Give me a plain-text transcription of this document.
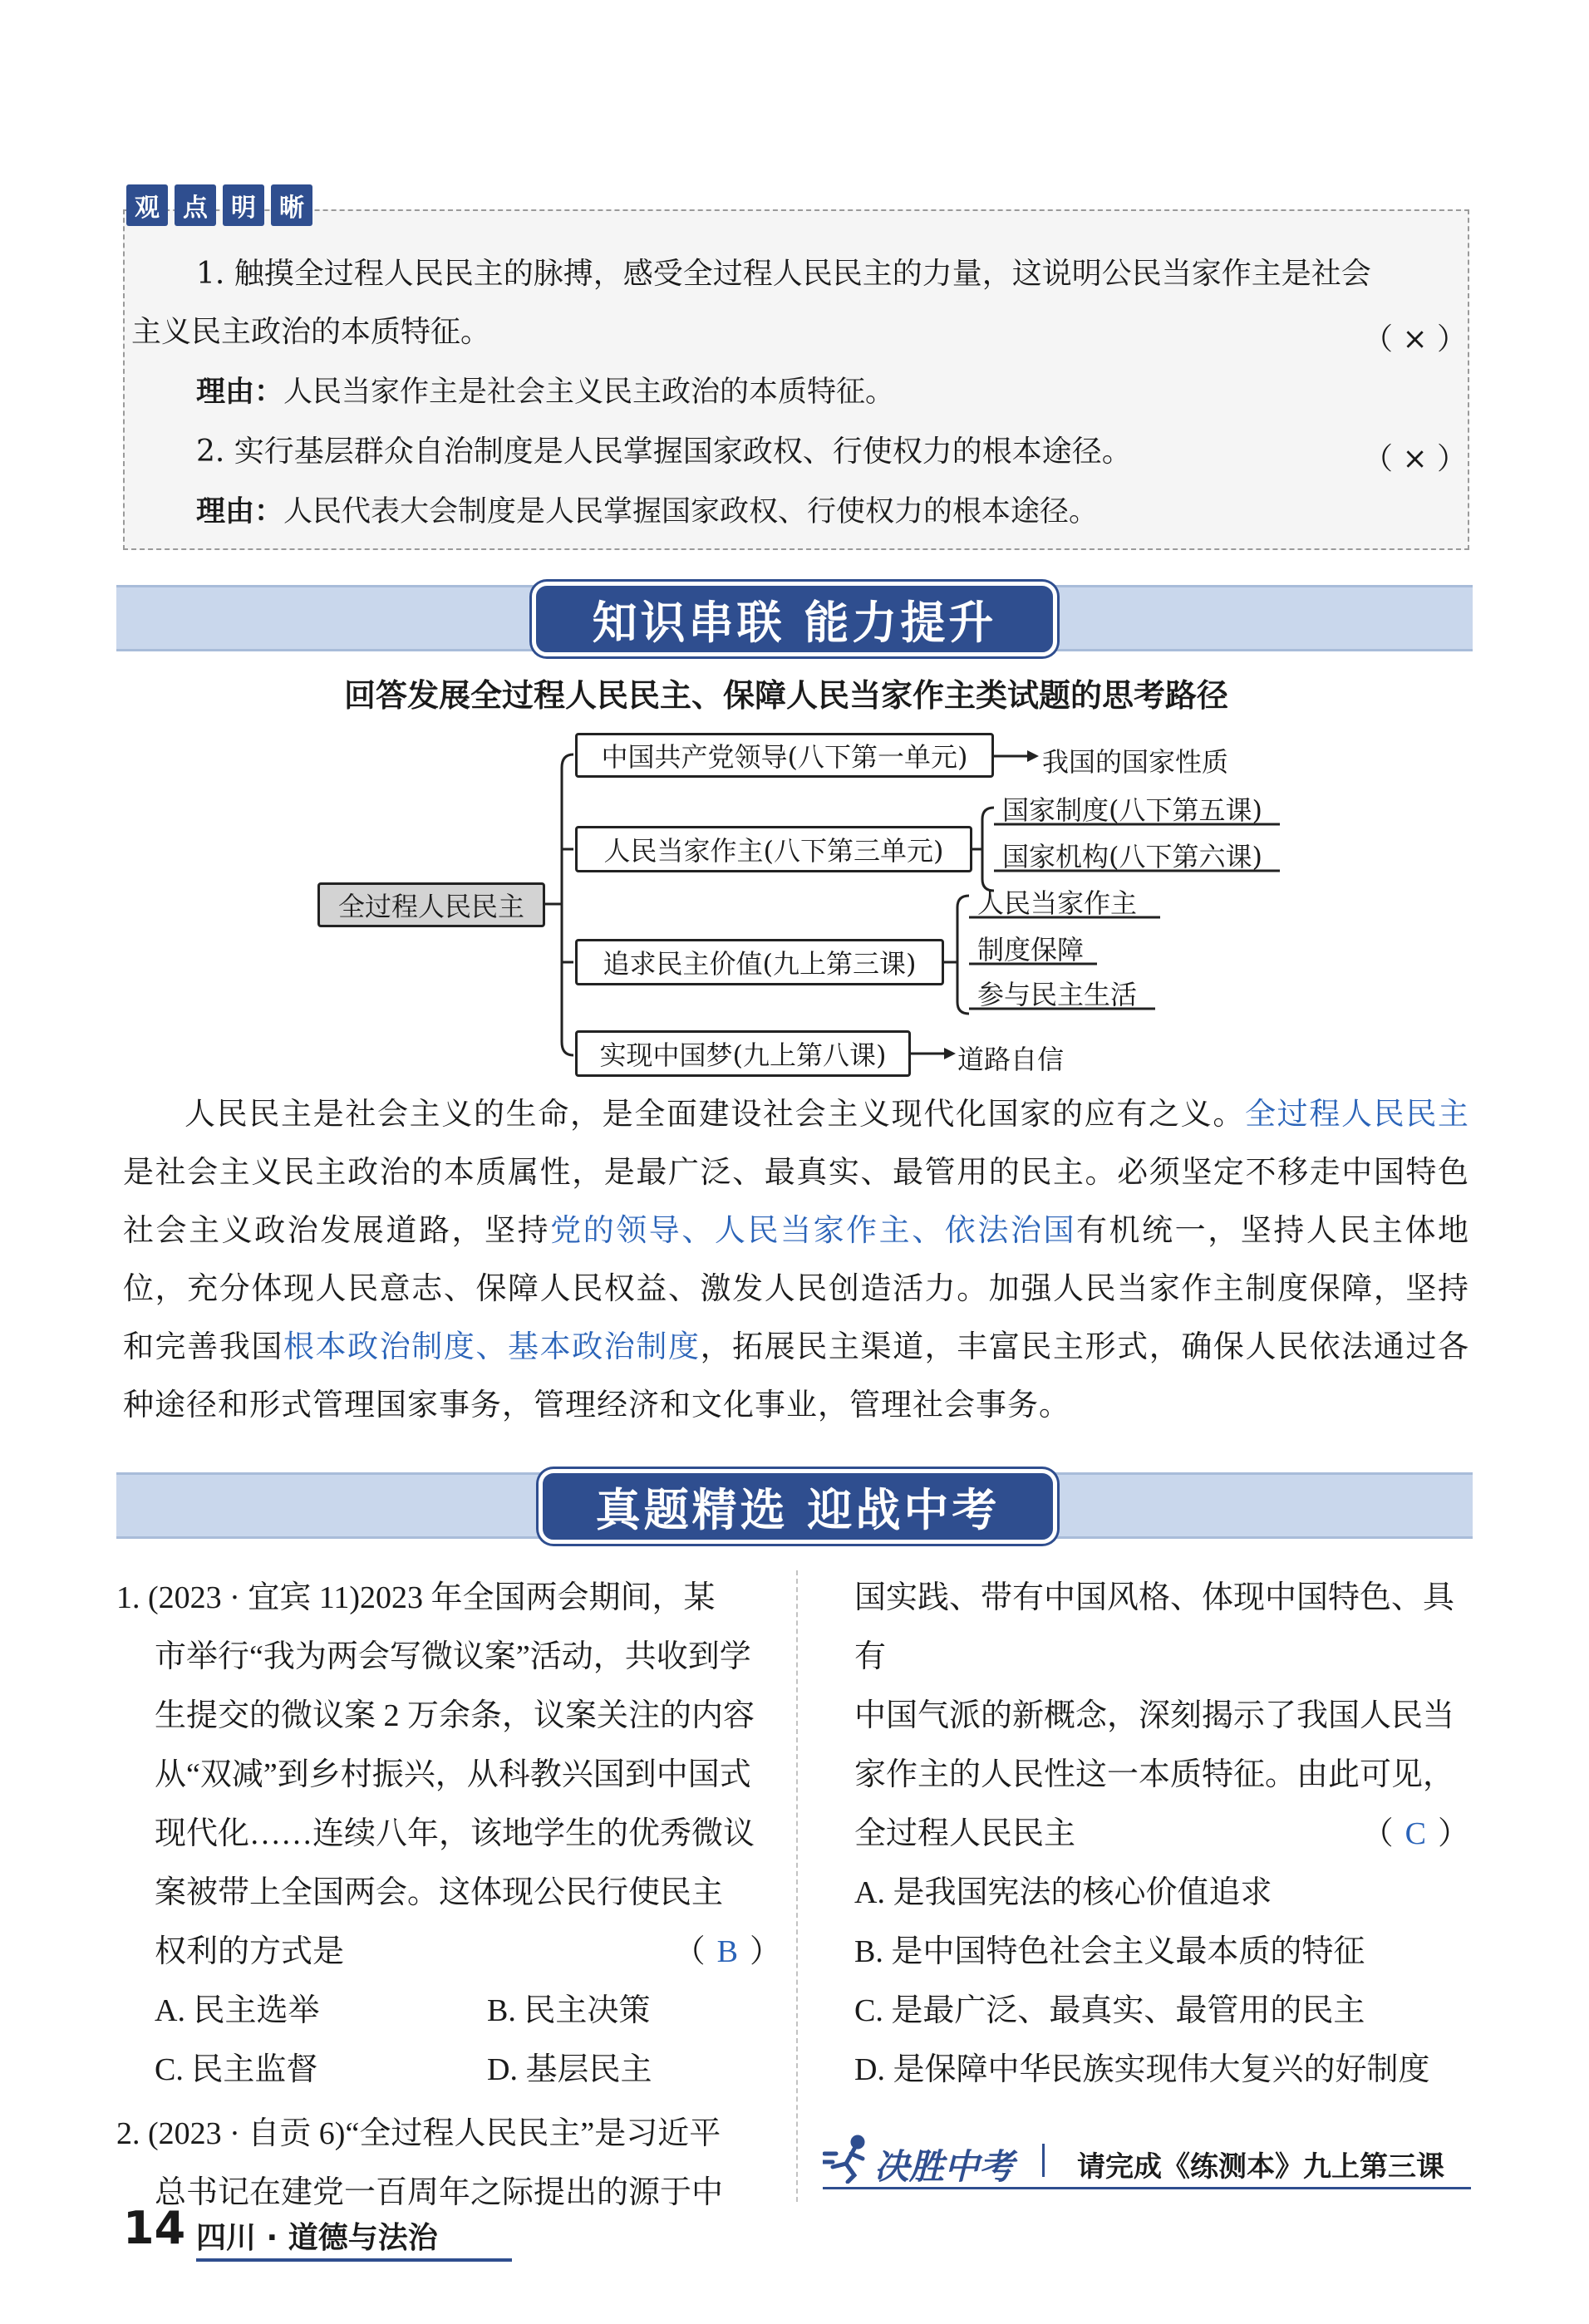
观 点 明 晰
1. 触摸全过程人民民主的脉搏，感受全过程人民民主的力量，这说明公民当家作主是社会
主义民主政治的本质特征。	（ × ）
理由：人民当家作主是社会主义民主政治的本质特征。
2. 实行基层群众自治制度是人民掌握国家政权、行使权力的根本途径。	（ × ）
理由：人民代表大会制度是人民掌握国家政权、行使权力的根本途径。
知识串联 能力提升
回答发展全过程人民民主、保障人民当家作主类试题的思考路径
全过程人民民主
中国共产党领导(八下第一单元)
人民当家作主(八下第三单元)
追求民主价值(九上第三课)
实现中国梦(九上第八课)
我国的国家性质
国家制度(八下第五课)
国家机构(八下第六课)
人民当家作主
制度保障
参与民主生活
道路自信
人民民主是社会主义的生命，是全面建设社会主义现代化国家的应有之义。全过程人民民主是社会主义民主政治的本质属性，是最广泛、最真实、最管用的民主。必须坚定不移走中国特色社会主义政治发展道路，坚持党的领导、人民当家作主、依法治国有机统一，坚持人民主体地位，充分体现人民意志、保障人民权益、激发人民创造活力。加强人民当家作主制度保障，坚持和完善我国根本政治制度、基本政治制度，拓展民主渠道，丰富民主形式，确保人民依法通过各种途径和形式管理国家事务，管理经济和文化事业，管理社会事务。
真题精选 迎战中考
1. (2023 · 宜宾 11)2023 年全国两会期间，某
市举行“我为两会写微议案”活动，共收到学
生提交的微议案 2 万余条，议案关注的内容
从“双减”到乡村振兴，从科教兴国到中国式
现代化……连续八年，该地学生的优秀微议
案被带上全国两会。这体现公民行使民主
权利的方式是	（ B ）
A. 民主选举	B. 民主决策
C. 民主监督	D. 基层民主
2. (2023 · 自贡 6)“全过程人民民主”是习近平
总书记在建党一百周年之际提出的源于中
国实践、带有中国风格、体现中国特色、具有
中国气派的新概念，深刻揭示了我国人民当
家作主的人民性这一本质特征。由此可见，
全过程人民民主	（ C ）
A. 是我国宪法的核心价值追求
B. 是中国特色社会主义最本质的特征
C. 是最广泛、最真实、最管用的民主
D. 是保障中华民族实现伟大复兴的好制度
决胜中考 请完成《练测本》九上第三课
14 四川 · 道德与法治
